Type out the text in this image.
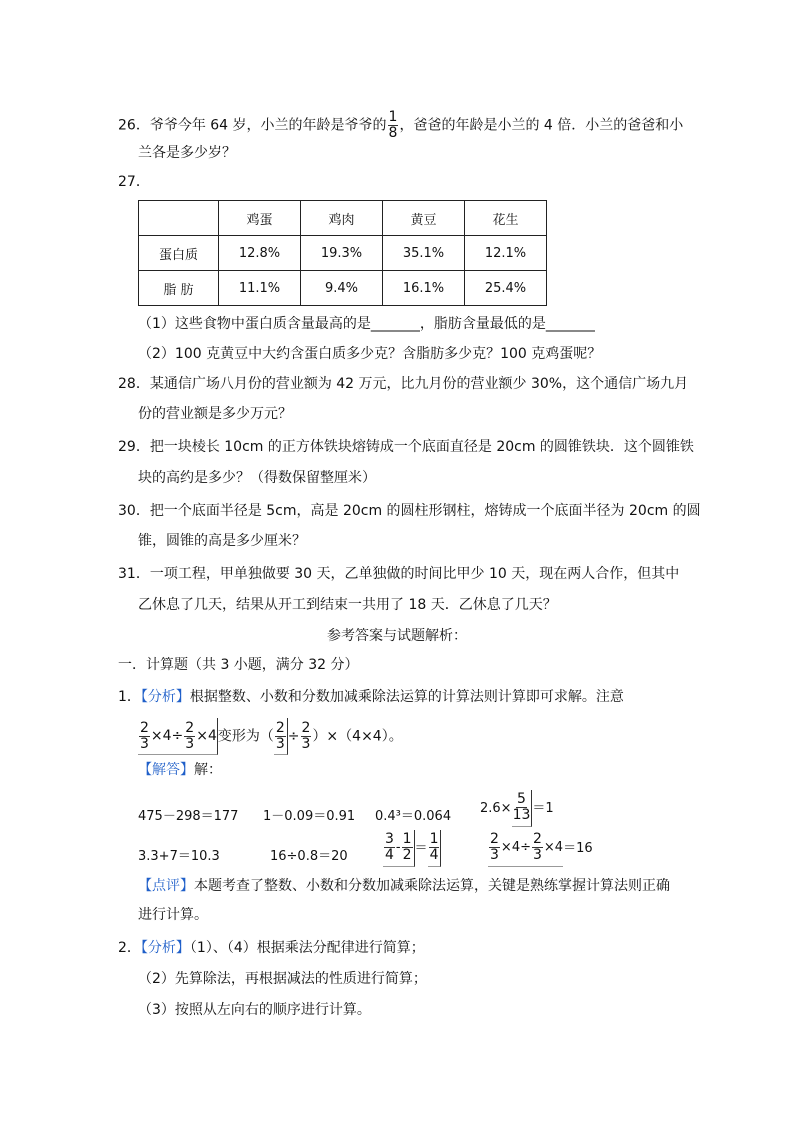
26．爷爷今年 64 岁，小兰的年龄是爷爷的 $\frac{1}{8}$ ，爸爸的年龄是小兰的 4 倍．小兰的爸爸和小
兰各是多少岁？
27．
	鸡蛋	鸡肉	黄豆	花生
蛋白质	12.8%	19.3%	35.1%	12.1%
脂 肪	11.1%	9.4%	16.1%	25.4%
（1）这些食物中蛋白质含量最高的是_______，脂肪含量最低的是_______
（2）100 克黄豆中大约含蛋白质多少克？含脂肪多少克？100 克鸡蛋呢？
28．某通信广场八月份的营业额为 42 万元，比九月份的营业额少 30%，这个通信广场九月
份的营业额是多少万元？
29．把一块棱长 10cm 的正方体铁块熔铸成一个底面直径是 20cm 的圆锥铁块．这个圆锥铁
块的高约是多少？（得数保留整厘米）
30．把一个底面半径是 5cm，高是 20cm 的圆柱形钢柱，熔铸成一个底面半径为 20cm 的圆
锥，圆锥的高是多少厘米？
31．一项工程，甲单独做要 30 天，乙单独做的时间比甲少 10 天，现在两人合作，但其中
乙休息了几天，结果从开工到结束一共用了 18 天．乙休息了几天？
参考答案与试题解析：
一．计算题（共 3 小题，满分 32 分）
1．【分析】根据整数、小数和分数加减乘除法运算的计算法则计算即可求解。注意
$\frac{2}{3} \times 4\div \frac{2}{3} \times 4$变形为（ $\frac{2}{3} \div \frac{2}{3} )\times(4\times 4)$。
【解答】解：
475－298＝177 1－0.09＝0.91 0.4³＝0.064
$2.6\times \frac{5}{13} =1$
3.3+7＝10.3	16÷0.8＝20	$\frac{3}{4} - \frac{1}{2} = \frac{1}{4}$	$\frac{2}{3} \times 4\div \frac{2}{3} \times 4=16$
【点评】本题考查了整数、小数和分数加减乘除法运算，关键是熟练掌握计算法则正确
进行计算。
2．【分析】（1）、（4）根据乘法分配律进行简算；
（2）先算除法，再根据减法的性质进行简算；
（3）按照从左向右的顺序进行计算。
